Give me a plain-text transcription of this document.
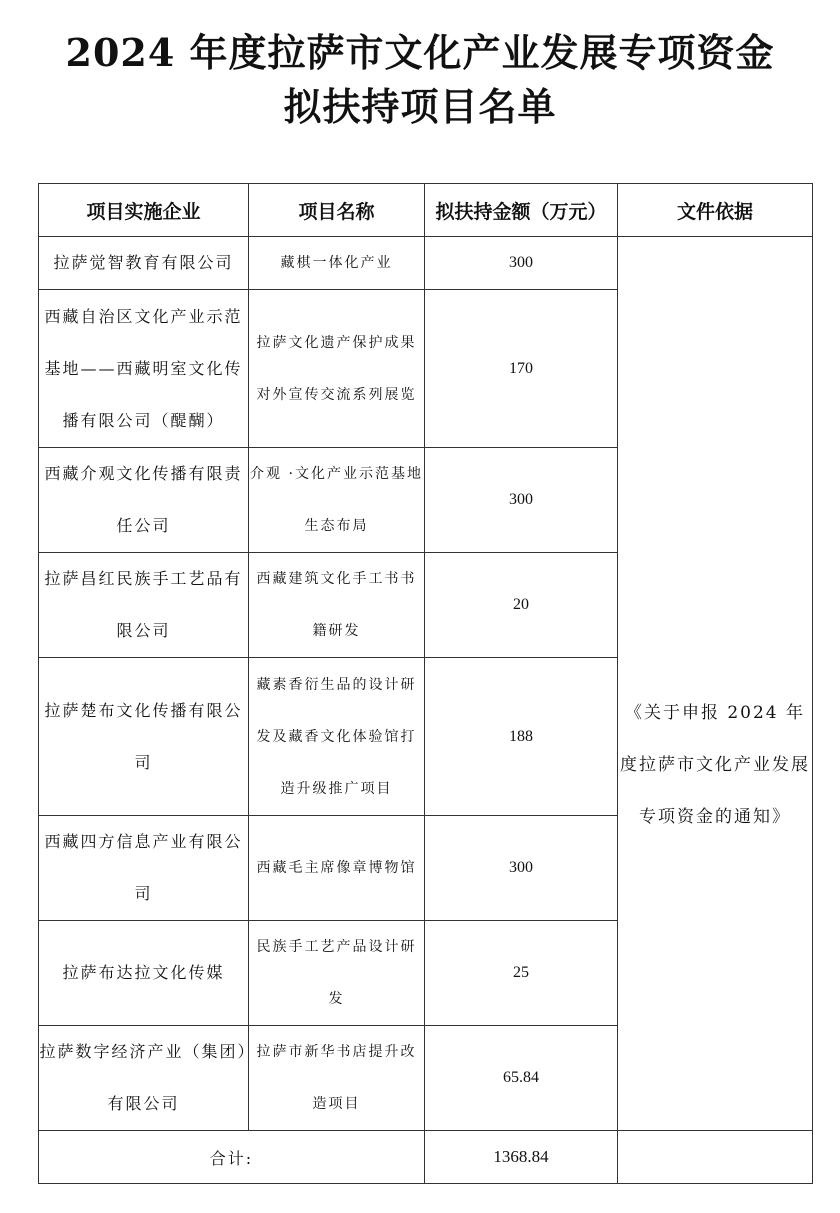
2024 年度拉萨市文化产业发展专项资金
拟扶持项目名单
项目实施企业	项目名称	拟扶持金额（万元）	文件依据
拉萨觉智教育有限公司	藏棋一体化产业	300	《关于申报 2024 年度拉萨市文化产业发展专项资金的通知》

西藏自治区文化产业示范基地——西藏明室文化传播有限公司（醍醐）	拉萨文化遗产保护成果对外宣传交流系列展览	170	
西藏介观文化传播有限责任公司	介观 ·文化产业示范基地生态布局	300	
拉萨昌红民族手工艺品有限公司	西藏建筑文化手工书书籍研发	20	
拉萨楚布文化传播有限公司	藏素香衍生品的设计研发及藏香文化体验馆打造升级推广项目	188	
西藏四方信息产业有限公司	西藏毛主席像章博物馆	300	
拉萨布达拉文化传媒	民族手工艺产品设计研发	25	
拉萨数字经济产业（集团）有限公司	拉萨市新华书店提升改造项目	65.84	
合计:		1368.84	
